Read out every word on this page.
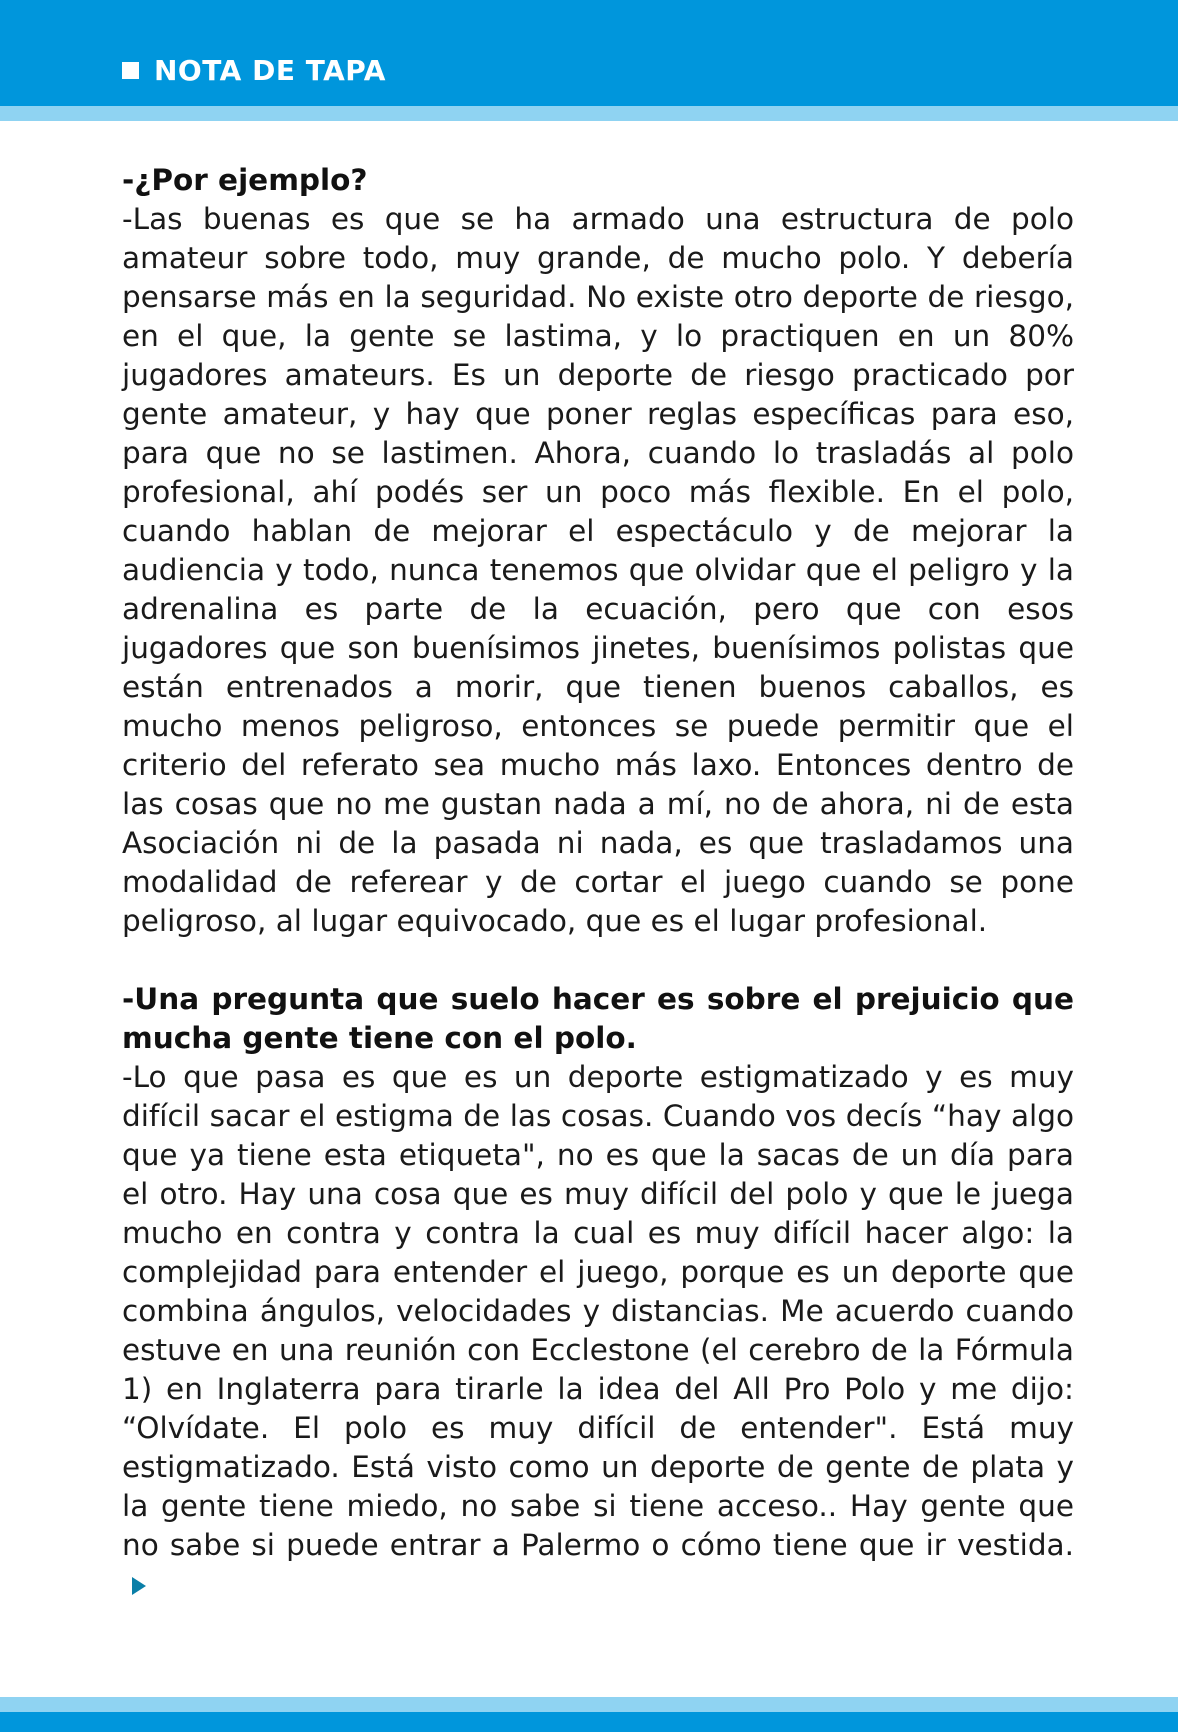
NOTA DE TAPA

-¿Por ejemplo?

-Las buenas es que se ha armado una estructura de polo amateur sobre todo, muy grande, de mucho polo. Y debería pensarse más en la seguridad. No existe otro deporte de riesgo, en el que, la gente se lastima, y lo practiquen en un 80% jugadores amateurs. Es un deporte de riesgo practicado por gente amateur, y hay que poner reglas específicas para eso, para que no se lastimen. Ahora, cuando lo trasladás al polo profesional, ahí podés ser un poco más flexible. En el polo, cuando hablan de mejorar el espectáculo y de mejorar la audiencia y todo, nunca tenemos que olvidar que el peligro y la adrenalina es parte de la ecuación, pero que con esos jugadores que son buenísimos jinetes, buenísimos polistas que están entrenados a morir, que tienen buenos caballos, es mucho menos peligroso, entonces se puede permitir que el criterio del referato sea mucho más laxo. Entonces dentro de las cosas que no me gustan nada a mí, no de ahora, ni de esta Asociación ni de la pasada ni nada, es que trasladamos una modalidad de referear y de cortar el juego cuando se pone peligroso, al lugar equivocado, que es el lugar profesional.

-Una pregunta que suelo hacer es sobre el prejuicio que mucha gente tiene con el polo.

-Lo que pasa es que es un deporte estigmatizado y es muy difícil sacar el estigma de las cosas. Cuando vos decís “hay algo que ya tiene esta etiqueta", no es que la sacas de un día para el otro. Hay una cosa que es muy difícil del polo y que le juega mucho en contra y contra la cual es muy difícil hacer algo: la complejidad para entender el juego, porque es un deporte que combina ángulos, velocidades y distancias. Me acuerdo cuando estuve en una reunión con Ecclestone (el cerebro de la Fórmula 1) en Inglaterra para tirarle la idea del All Pro Polo y me dijo: “Olvídate. El polo es muy difícil de entender". Está muy estigmatizado. Está visto como un deporte de gente de plata y la gente tiene miedo, no sabe si tiene acceso.. Hay gente que no sabe si puede entrar a Palermo o cómo tiene que ir vestida.
